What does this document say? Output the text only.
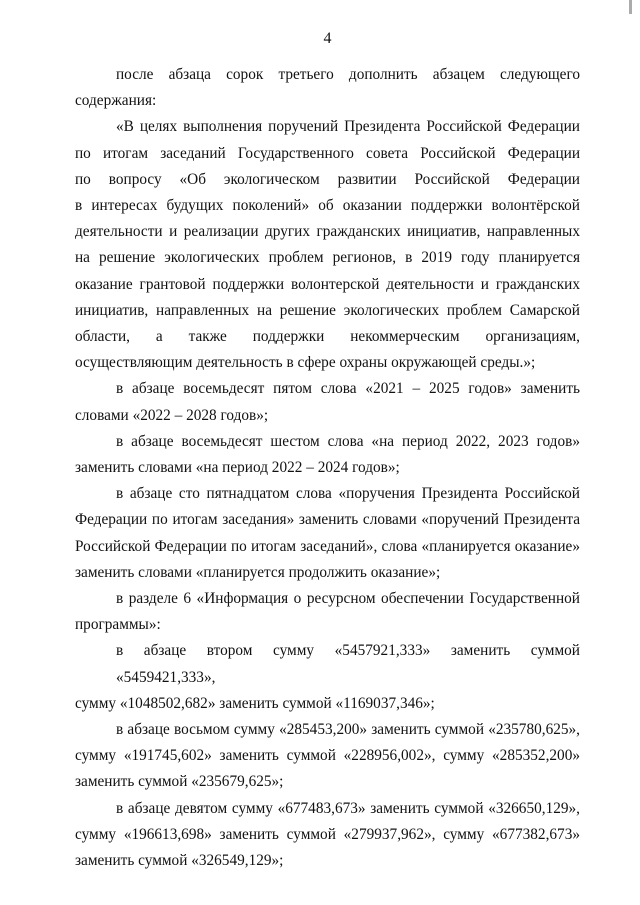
4
после абзаца сорок третьего дополнить абзацем следующего
содержания:
«В целях выполнения поручений Президента Российской Федерации
по итогам заседаний Государственного совета Российской Федерации
по вопросу «Об экологическом развитии Российской Федерации
в интересах будущих поколений» об оказании поддержки волонтёрской
деятельности и реализации других гражданских инициатив, направленных
на решение экологических проблем регионов, в 2019 году планируется
оказание грантовой поддержки волонтерской деятельности и гражданских
инициатив, направленных на решение экологических проблем Самарской
области, а также поддержки некоммерческим организациям,
осуществляющим деятельность в сфере охраны окружающей среды.»;
в абзаце восемьдесят пятом слова «2021 – 2025 годов» заменить
словами «2022 – 2028 годов»;
в абзаце восемьдесят шестом слова «на период 2022, 2023 годов»
заменить словами «на период 2022 – 2024 годов»;
в абзаце сто пятнадцатом слова «поручения Президента Российской
Федерации по итогам заседания» заменить словами «поручений Президента
Российской Федерации по итогам заседаний», слова «планируется оказание»
заменить словами «планируется продолжить оказание»;
в разделе 6 «Информация о ресурсном обеспечении Государственной
программы»:
в абзаце втором сумму «5457921,333» заменить суммой «5459421,333»,
сумму «1048502,682» заменить суммой «1169037,346»;
в абзаце восьмом сумму «285453,200» заменить суммой «235780,625»,
сумму «191745,602» заменить суммой «228956,002», сумму «285352,200»
заменить суммой «235679,625»;
в абзаце девятом сумму «677483,673» заменить суммой «326650,129»,
сумму «196613,698» заменить суммой «279937,962», сумму «677382,673»
заменить суммой «326549,129»;
